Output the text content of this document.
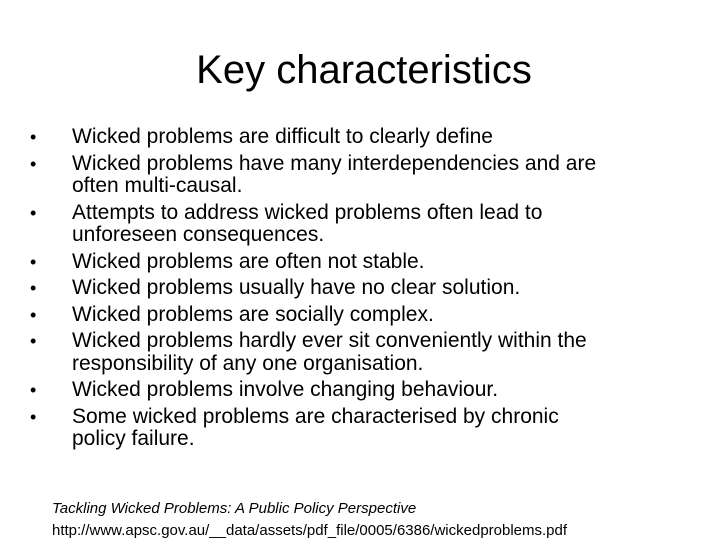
Key characteristics
•	Wicked problems are difficult to clearly define
•	Wicked problems have many interdependencies and are
often multi-causal.
•	Attempts to address wicked problems often lead to
unforeseen consequences.
•	Wicked problems are often not stable.
•	Wicked problems usually have no clear solution.
•	Wicked problems are socially complex.
•	Wicked problems hardly ever sit conveniently within the
responsibility of any one organisation.
•	Wicked problems involve changing behaviour.
•	Some wicked problems are characterised by chronic
policy failure.
Tackling Wicked Problems: A Public Policy Perspective
http://www.apsc.gov.au/__data/assets/pdf_file/0005/6386/wickedproblems.pdf
